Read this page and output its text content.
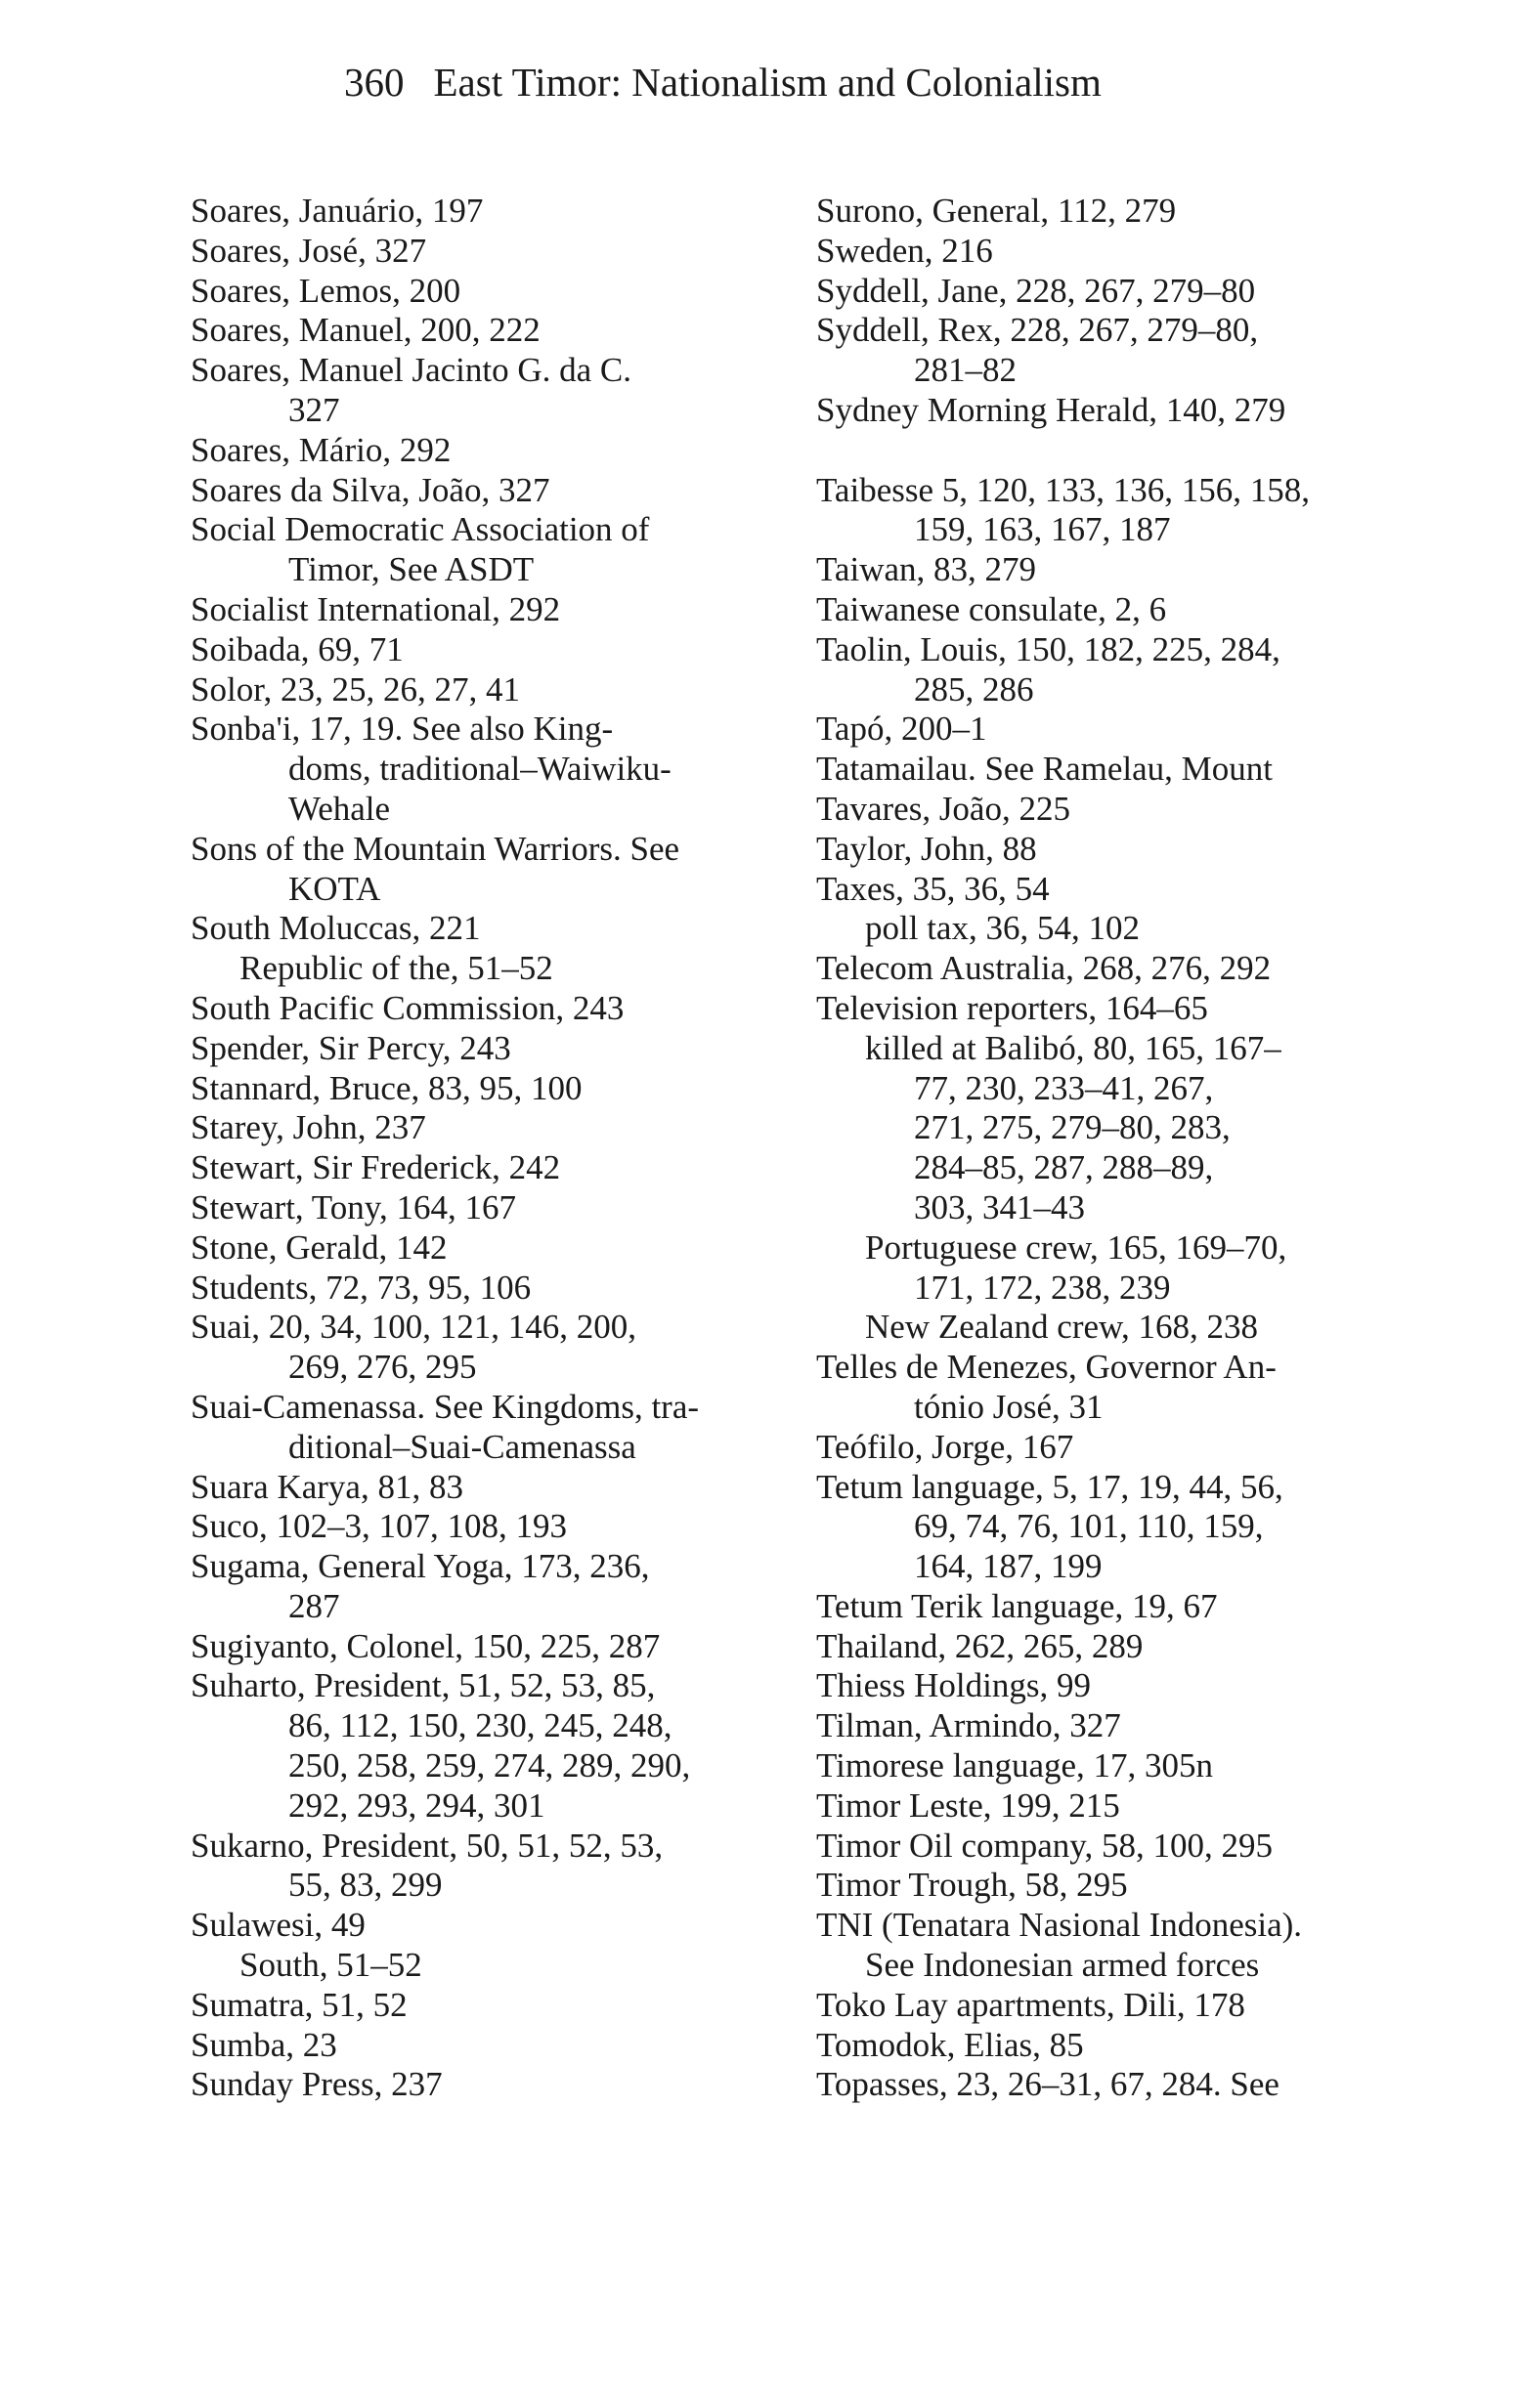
360 East Timor: Nationalism and Colonialism
Soares, Januário, 197
Soares, José, 327
Soares, Lemos, 200
Soares, Manuel, 200, 222
Soares, Manuel Jacinto G. da C.
327
Soares, Mário, 292
Soares da Silva, João, 327
Social Democratic Association of
Timor, See ASDT
Socialist International, 292
Soibada, 69, 71
Solor, 23, 25, 26, 27, 41
Sonba'i, 17, 19. See also King-
doms, traditional–Waiwiku-
Wehale
Sons of the Mountain Warriors. See
KOTA
South Moluccas, 221
Republic of the, 51–52
South Pacific Commission, 243
Spender, Sir Percy, 243
Stannard, Bruce, 83, 95, 100
Starey, John, 237
Stewart, Sir Frederick, 242
Stewart, Tony, 164, 167
Stone, Gerald, 142
Students, 72, 73, 95, 106
Suai, 20, 34, 100, 121, 146, 200,
269, 276, 295
Suai-Camenassa. See Kingdoms, tra-
ditional–Suai-Camenassa
Suara Karya, 81, 83
Suco, 102–3, 107, 108, 193
Sugama, General Yoga, 173, 236,
287
Sugiyanto, Colonel, 150, 225, 287
Suharto, President, 51, 52, 53, 85,
86, 112, 150, 230, 245, 248,
250, 258, 259, 274, 289, 290,
292, 293, 294, 301
Sukarno, President, 50, 51, 52, 53,
55, 83, 299
Sulawesi, 49
South, 51–52
Sumatra, 51, 52
Sumba, 23
Sunday Press, 237
Surono, General, 112, 279
Sweden, 216
Syddell, Jane, 228, 267, 279–80
Syddell, Rex, 228, 267, 279–80,
281–82
Sydney Morning Herald, 140, 279
Taibesse 5, 120, 133, 136, 156, 158,
159, 163, 167, 187
Taiwan, 83, 279
Taiwanese consulate, 2, 6
Taolin, Louis, 150, 182, 225, 284,
285, 286
Tapó, 200–1
Tatamailau. See Ramelau, Mount
Tavares, João, 225
Taylor, John, 88
Taxes, 35, 36, 54
poll tax, 36, 54, 102
Telecom Australia, 268, 276, 292
Television reporters, 164–65
killed at Balibó, 80, 165, 167–
77, 230, 233–41, 267,
271, 275, 279–80, 283,
284–85, 287, 288–89,
303, 341–43
Portuguese crew, 165, 169–70,
171, 172, 238, 239
New Zealand crew, 168, 238
Telles de Menezes, Governor An-
tónio José, 31
Teófilo, Jorge, 167
Tetum language, 5, 17, 19, 44, 56,
69, 74, 76, 101, 110, 159,
164, 187, 199
Tetum Terik language, 19, 67
Thailand, 262, 265, 289
Thiess Holdings, 99
Tilman, Armindo, 327
Timorese language, 17, 305n
Timor Leste, 199, 215
Timor Oil company, 58, 100, 295
Timor Trough, 58, 295
TNI (Tenatara Nasional Indonesia).
See Indonesian armed forces
Toko Lay apartments, Dili, 178
Tomodok, Elias, 85
Topasses, 23, 26–31, 67, 284. See
